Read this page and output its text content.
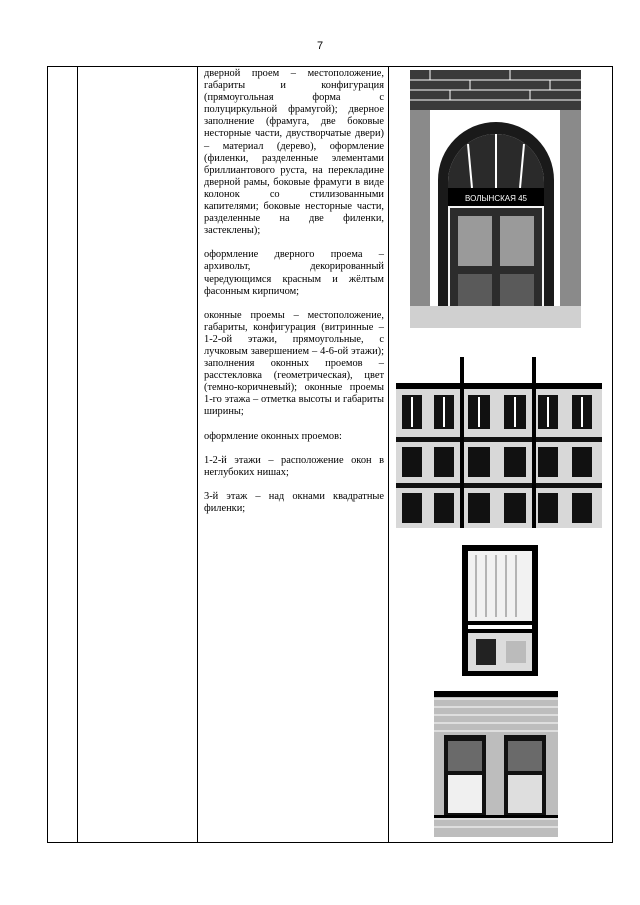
7

дверной проем – местоположение, габариты и конфигурация (прямоугольная форма с полуциркульной фрамугой); дверное заполнение (фрамуга, две боковые несторные части, двустворчатые двери) – материал (дерево), оформление (филенки, разделенные элементами бриллиантового руста, на перекладине дверной рамы, боковые фрамуги в виде колонок со стилизованными капителями; боковые несторные части, разделенные на две филенки, застеклены);

оформление дверного проема – архивольт, декорированный чередующимся красным и жёлтым фасонным кирпичом;

оконные проемы – местоположение, габариты, конфигурация (витринные – 1-2-ой этажи, прямоугольные, с лучковым завершением – 4-6-ой этажи); заполнения оконных проемов – расстекловка (геометрическая), цвет (темно-коричневый); оконные проемы 1-го этажа – отметка высоты и габариты ширины;

оформление оконных проемов:

1-2-й этажи – расположение окон в неглубоких нишах;

3-й этаж – над окнами квадратные филенки;

ВОЛЫНСКАЯ 45
